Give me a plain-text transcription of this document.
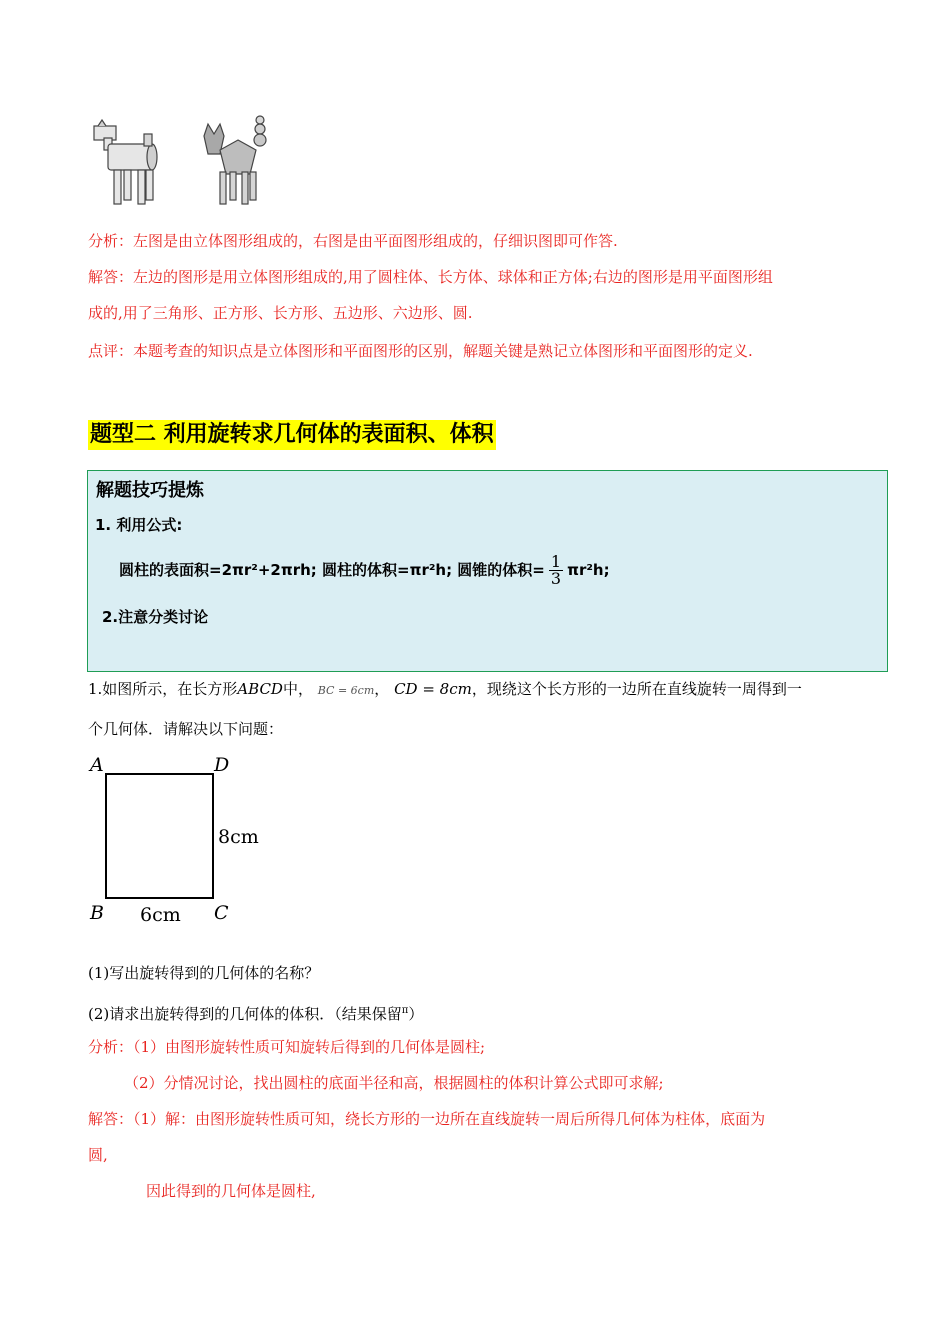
分析：左图是由立体图形组成的，右图是由平面图形组成的，仔细识图即可作答.
解答：左边的图形是用立体图形组成的,用了圆柱体、长方体、球体和正方体;右边的图形是用平面图形组
成的,用了三角形、正方形、长方形、五边形、六边形、圆.
点评：本题考查的知识点是立体图形和平面图形的区别，解题关键是熟记立体图形和平面图形的定义.
题型二 利用旋转求几何体的表面积、体积
解题技巧提炼
1. 利用公式:
圆柱的表面积=2πr²+2πrh; 圆柱的体积=πr²h; 圆锥的体积= $\frac{1}{3} \pi r^2h$;
2.注意分类讨论
1.如图所示，在长方形ABCD中， BC = 6cm， CD = 8cm，现绕这个长方形的一边所在直线旋转一周得到一
个几何体．请解决以下问题：
A	D
B	C
8cm
6cm
(1)写出旋转得到的几何体的名称？
(2)请求出旋转得到的几何体的体积．（结果保留$^\pi$）
分析：（1）由图形旋转性质可知旋转后得到的几何体是圆柱;
（2）分情况讨论，找出圆柱的底面半径和高，根据圆柱的体积计算公式即可求解;
解答：（1）解：由图形旋转性质可知，绕长方形的一边所在直线旋转一周后所得几何体为柱体，底面为
圆,
因此得到的几何体是圆柱,
